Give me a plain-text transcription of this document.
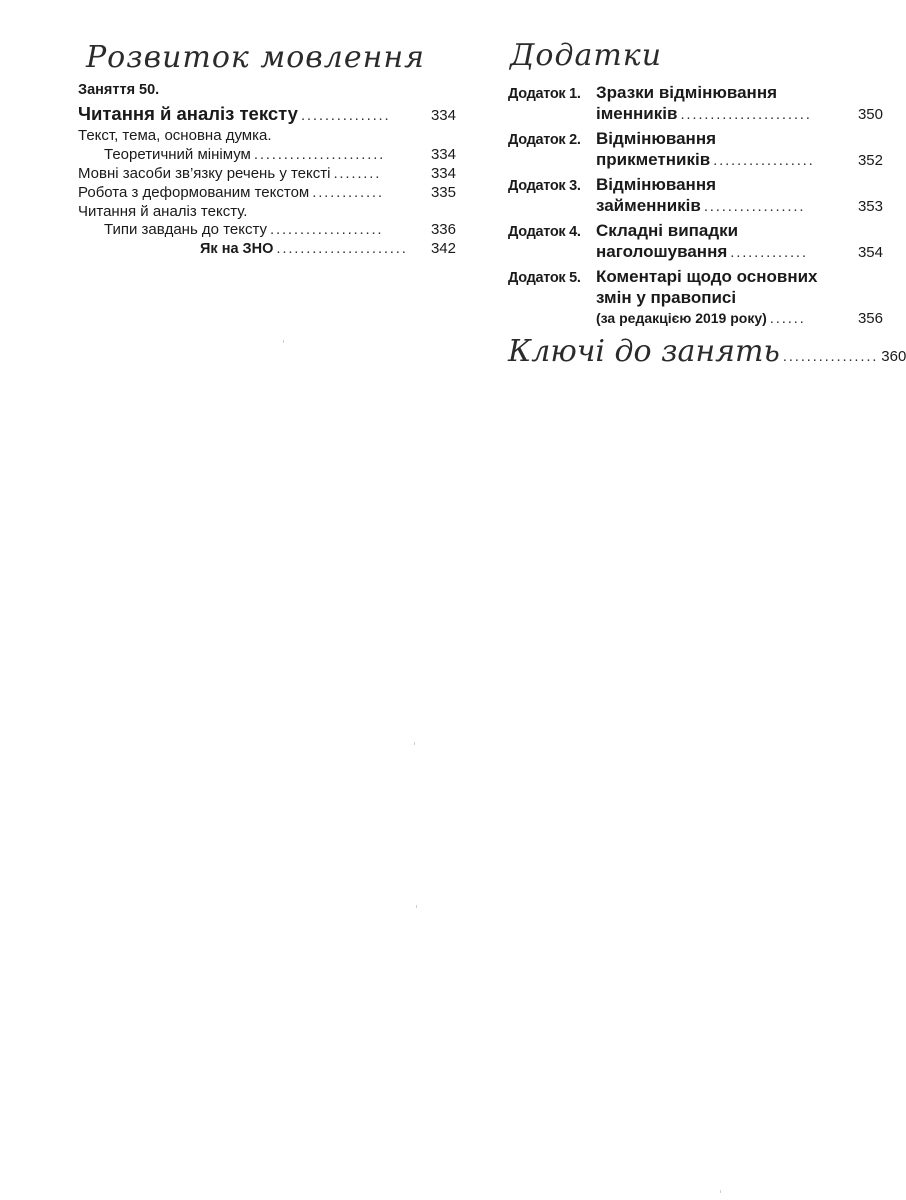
Розвиток мовлення
Заняття 50.
Читання й аналіз тексту ...............	334
Текст, тема, основна думка.
Теоретичний мінімум ......................	334
Мовні засоби зв’язку речень у тексті ........	334
Робота з деформованим текстом ............	335
Читання й аналіз тексту.
Типи завдань до тексту ...................	336
Як на ЗНО ......................	342
Додатки
Додаток 1. Зразки відмінювання
іменників ......................	350
Додаток 2. Відмінювання
прикметників .................	352
Додаток 3. Відмінювання
займенників .................	353
Додаток 4. Складні випадки
наголошування .............	354
Додаток 5. Коментарі щодо основних
змін у правописі
(за редакцією 2019 року) ......	356
Ключі до занять ................ 360
